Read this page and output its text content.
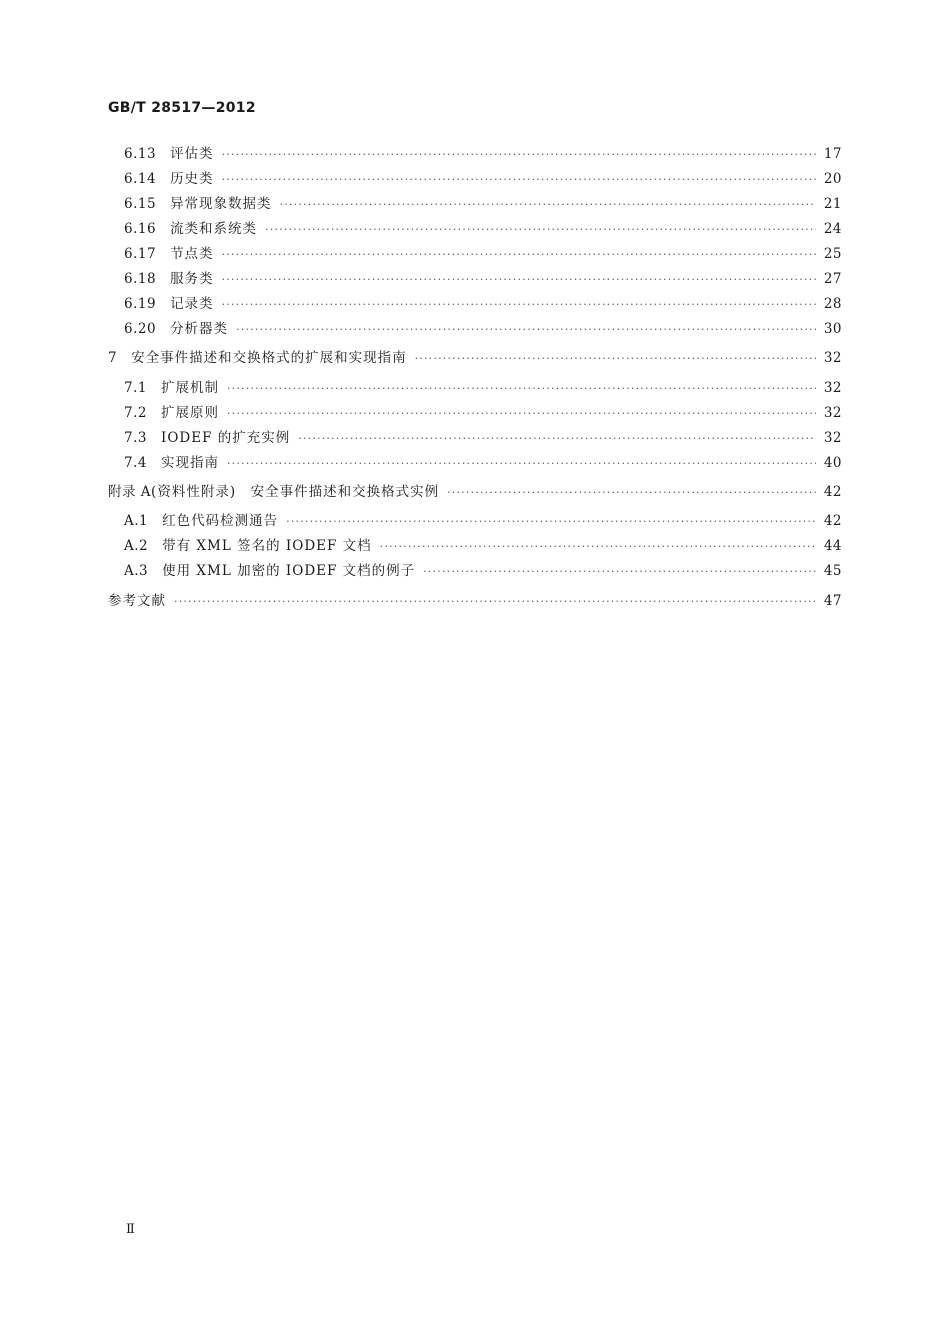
GB/T 28517—2012
6.13 评估类 ·····	17
6.14 历史类 ·····	20
6.15 异常现象数据类 ·····	21
6.16 流类和系统类 ·····	24
6.17 节点类 ·····	25
6.18 服务类 ·····	27
6.19 记录类 ·····	28
6.20 分析器类 ·····	30
7 安全事件描述和交换格式的扩展和实现指南 ·····	32
7.1 扩展机制 ·····	32
7.2 扩展原则 ·····	32
7.3 IODEF 的扩充实例 ·····	32
7.4 实现指南 ·····	40
附录 A (资料性附录)　安全事件描述和交换格式实例 ·····	42
A.1 红色代码检测通告 ·····	42
A.2 带有 XML 签名的 IODEF 文档 ·····	44
A.3 使用 XML 加密的 IODEF 文档的例子 ·····	45
参考文献 ·····	47
Ⅱ
